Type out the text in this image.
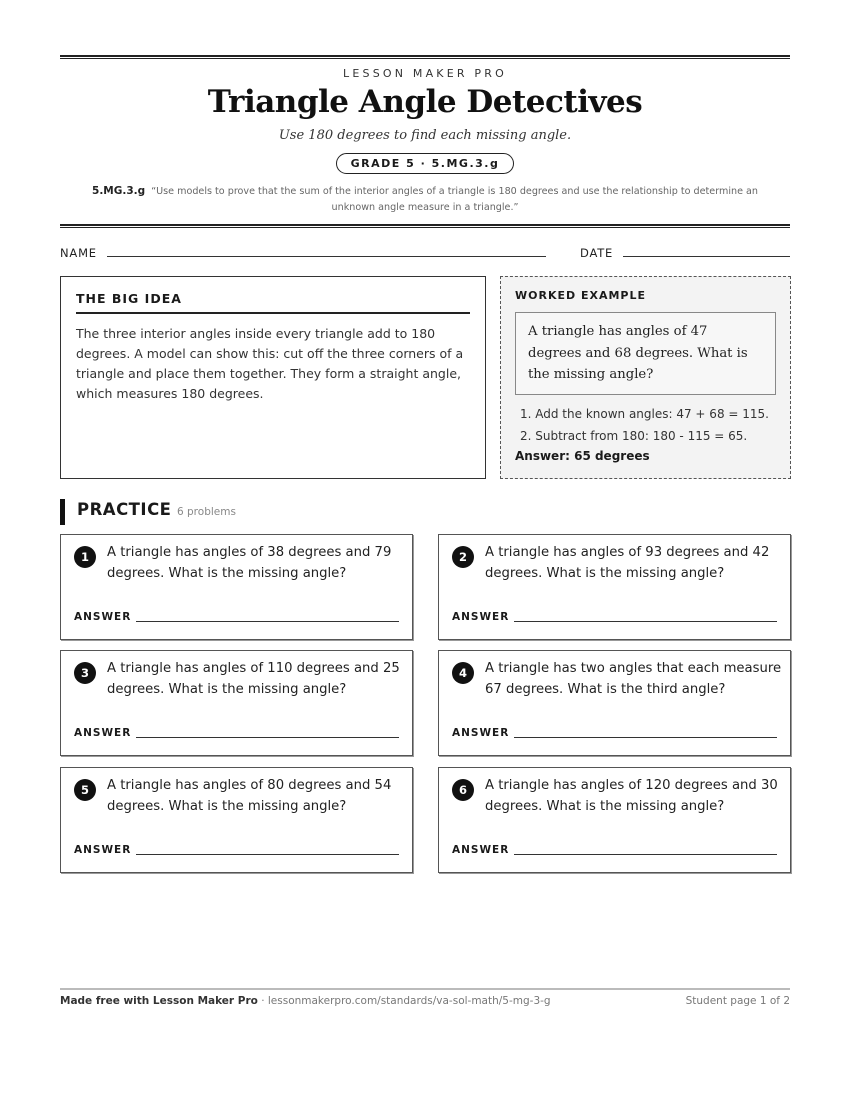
LESSON MAKER PRO
Triangle Angle Detectives
Use 180 degrees to find each missing angle.
GRADE 5 · 5.MG.3.g
5.MG.3.g “Use models to prove that the sum of the interior angles of a triangle is 180 degrees and use the relationship to determine an unknown angle measure in a triangle.”
NAME	DATE
THE BIG IDEA
The three interior angles inside every triangle add to 180 degrees. A model can show this: cut off the three corners of a triangle and place them together. They form a straight angle, which measures 180 degrees.
WORKED EXAMPLE
A triangle has angles of 47 degrees and 68 degrees. What is the missing angle?
1. Add the known angles: 47 + 68 = 115.
2. Subtract from 180: 180 - 115 = 65.
Answer: 65 degrees
PRACTICE 6 problems
1	A triangle has angles of 38 degrees and 79 degrees. What is the missing angle?
ANSWER
2	A triangle has angles of 93 degrees and 42 degrees. What is the missing angle?
ANSWER
3	A triangle has angles of 110 degrees and 25 degrees. What is the missing angle?
ANSWER
4	A triangle has two angles that each measure 67 degrees. What is the third angle?
ANSWER
5	A triangle has angles of 80 degrees and 54 degrees. What is the missing angle?
ANSWER
6	A triangle has angles of 120 degrees and 30 degrees. What is the missing angle?
ANSWER
Made free with Lesson Maker Pro · lessonmakerpro.com/standards/va-sol-math/5-mg-3-g	Student page 1 of 2
